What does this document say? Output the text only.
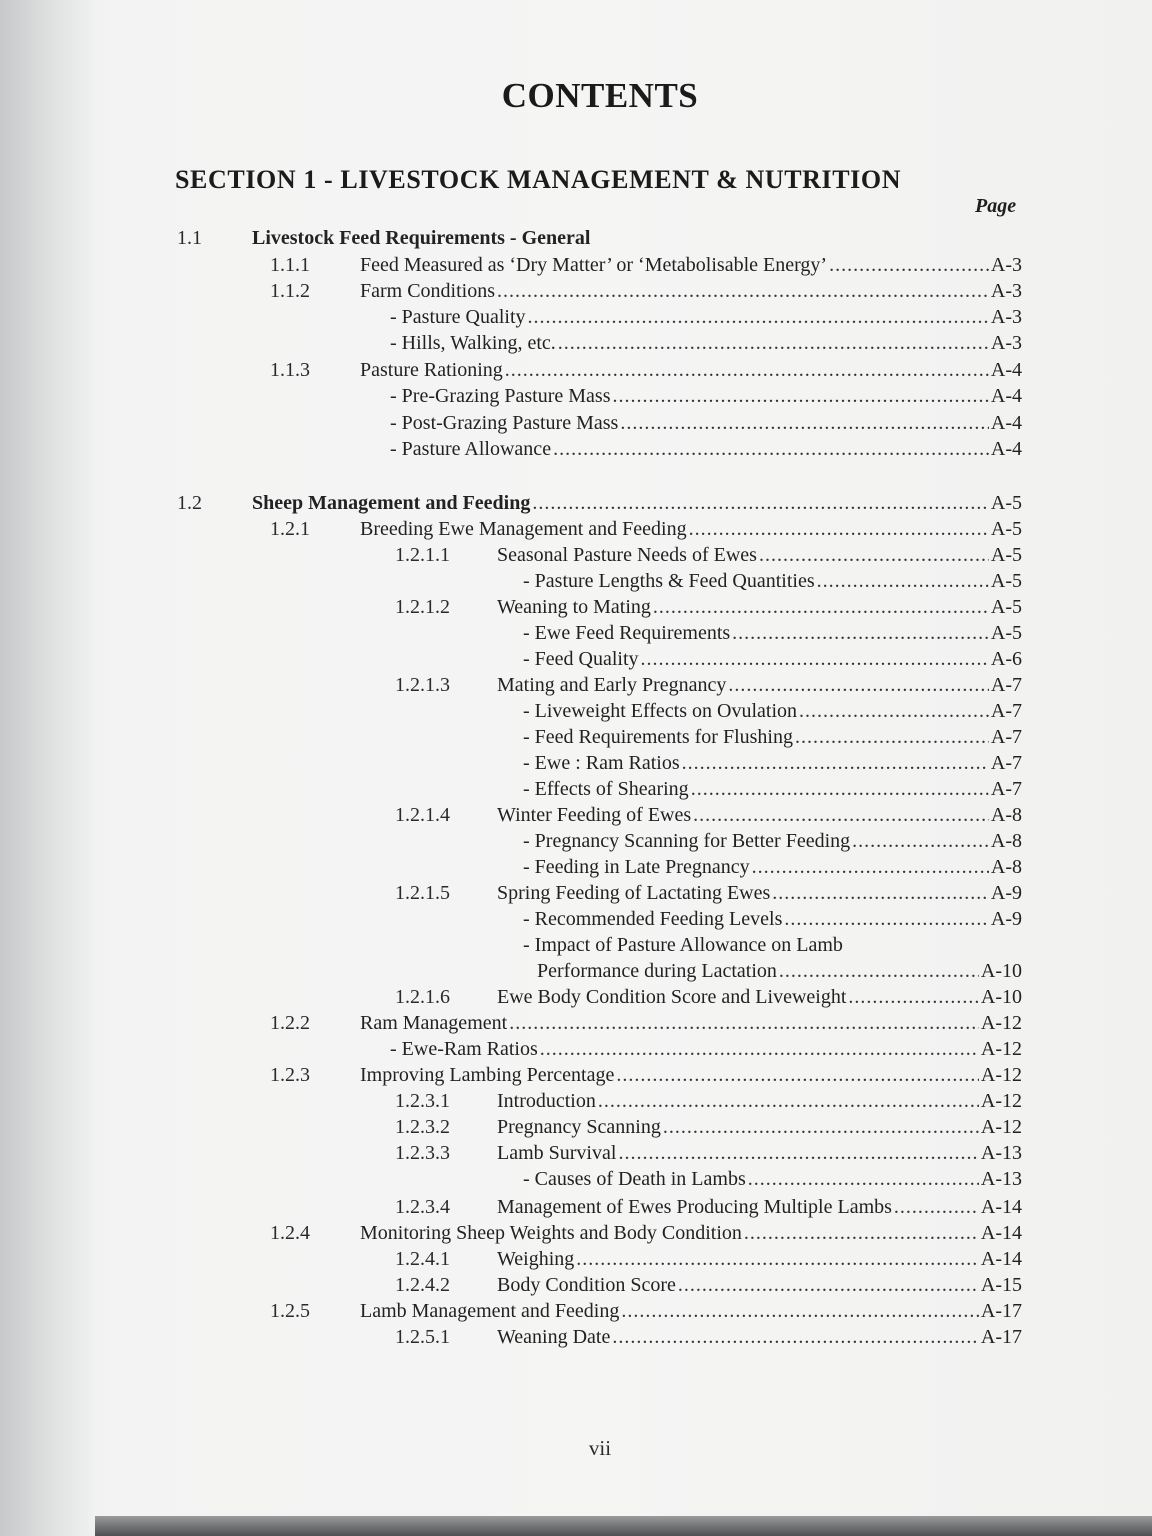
CONTENTS
SECTION 1 - LIVESTOCK MANAGEMENT & NUTRITION
Page
1.1	Livestock Feed Requirements - General
1.1.1	Feed Measured as ‘Dry Matter’ or ‘Metabolisable Energy’ .....	A-3
1.1.2	Farm Conditions .....	A-3
- Pasture Quality .....	A-3
- Hills, Walking, etc. .....	A-3
1.1.3	Pasture Rationing .....	A-4
- Pre-Grazing Pasture Mass .....	A-4
- Post-Grazing Pasture Mass .....	A-4
- Pasture Allowance .....	A-4
1.2	Sheep Management and Feeding .....	A-5
1.2.1	Breeding Ewe Management and Feeding .....	A-5
1.2.1.1 Seasonal Pasture Needs of Ewes .....	A-5
- Pasture Lengths & Feed Quantities .....	A-5
1.2.1.2 Weaning to Mating .....	A-5
- Ewe Feed Requirements .....	A-5
- Feed Quality .....	A-6
1.2.1.3 Mating and Early Pregnancy .....	A-7
- Liveweight Effects on Ovulation .....	A-7
- Feed Requirements for Flushing .....	A-7
- Ewe : Ram Ratios .....	A-7
- Effects of Shearing .....	A-7
1.2.1.4 Winter Feeding of Ewes .....	A-8
- Pregnancy Scanning for Better Feeding .....	A-8
- Feeding in Late Pregnancy .....	A-8
1.2.1.5 Spring Feeding of Lactating Ewes .....	A-9
- Recommended Feeding Levels .....	A-9
- Impact of Pasture Allowance on Lamb
Performance during Lactation .....	A-10
1.2.1.6 Ewe Body Condition Score and Liveweight .....	A-10
1.2.2	Ram Management .....	A-12
- Ewe-Ram Ratios .....	A-12
1.2.3	Improving Lambing Percentage .....	A-12
1.2.3.1 Introduction .....	A-12
1.2.3.2 Pregnancy Scanning .....	A-12
1.2.3.3 Lamb Survival .....	A-13
- Causes of Death in Lambs .....	A-13
1.2.3.4 Management of Ewes Producing Multiple Lambs .....	A-14
1.2.4	Monitoring Sheep Weights and Body Condition .....	A-14
1.2.4.1 Weighing .....	A-14
1.2.4.2 Body Condition Score .....	A-15
1.2.5	Lamb Management and Feeding .....	A-17
1.2.5.1 Weaning Date .....	A-17
vii
